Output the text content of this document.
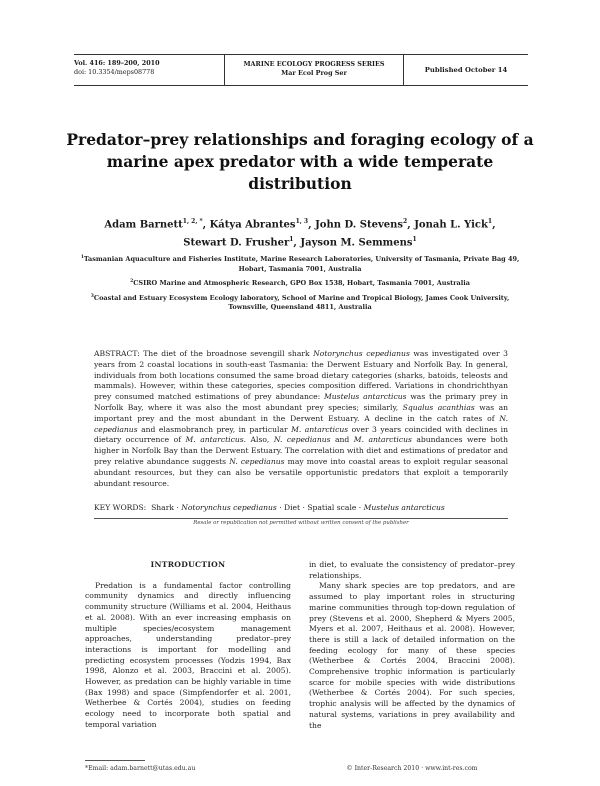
Vol. 416: 189–200, 2010
doi: 10.3354/meps08778
MARINE ECOLOGY PROGRESS SERIES
Mar Ecol Prog Ser	Published October 14
Predator–prey relationships and foraging ecology of a marine apex predator with a wide temperate distribution
Adam Barnett$^{1, 2, *}$, Kátya Abrantes$^{1, 3}$, John D. Stevens$^2$, Jonah L. Yick$^1$,
Stewart D. Frusher$^1$, Jayson M. Semmens$^1$

$^1$Tasmanian Aquaculture and Fisheries Institute, Marine Research Laboratories, University of Tasmania, Private Bag 49, Hobart, Tasmania 7001, Australia

$^2$CSIRO Marine and Atmospheric Research, GPO Box 1538, Hobart, Tasmania 7001, Australia

$^3$Coastal and Estuary Ecosystem Ecology laboratory, School of Marine and Tropical Biology, James Cook University, Townsville, Queensland 4811, Australia

ABSTRACT: The diet of the broadnose sevengill shark Notorynchus cepedianus was investigated over 3 years from 2 coastal locations in south-east Tasmania: the Derwent Estuary and Norfolk Bay. In general, individuals from both locations consumed the same broad dietary categories (sharks, batoids, teleosts and mammals). However, within these categories, species composition differed. Variations in chondrichthyan prey consumed matched estimations of prey abundance: Mustelus antarcticus was the primary prey in Norfolk Bay, where it was also the most abundant prey species; similarly, Squalus acanthias was an important prey and the most abundant in the Derwent Estuary. A decline in the catch rates of N. cepedianus and elasmobranch prey, in particular M. antarcticus over 3 years coincided with declines in dietary occurrence of M. antarcticus. Also, N. cepedianus and M. antarcticus abundances were both higher in Norfolk Bay than the Derwent Estuary. The correlation with diet and estimations of predator and prey relative abundance suggests N. cepedianus may move into coastal areas to exploit regular seasonal abundant resources, but they can also be versatile opportunistic predators that exploit a temporarily abundant resource.
KEY WORDS: Shark · Notorynchus cepedianus · Diet · Spatial scale · Mustelus antarcticus
Resale or republication not permitted without written consent of the publisher

INTRODUCTION

Predation is a fundamental factor controlling community dynamics and directly influencing community structure (Williams et al. 2004, Heithaus et al. 2008). With an ever increasing emphasis on multiple species/ecosystem management approaches, understanding predator–prey interactions is important for modelling and predicting ecosystem processes (Yodzis 1994, Bax 1998, Alonzo et al. 2003, Braccini et al. 2005). However, as predation can be highly variable in time (Bax 1998) and space (Simpfendorfer et al. 2001, Wetherbee & Cortés 2004), studies on feeding ecology need to incorporate both spatial and temporal variation

in diet, to evaluate the consistency of predator–prey relationships.

Many shark species are top predators, and are assumed to play important roles in structuring marine communities through top-down regulation of prey (Stevens et al. 2000, Shepherd & Myers 2005, Myers et al. 2007, Heithaus et al. 2008). However, there is still a lack of detailed information on the feeding ecology for many of these species (Wetherbee & Cortés 2004, Braccini 2008). Comprehensive trophic information is particularly scarce for mobile species with wide distributions (Wetherbee & Cortés 2004). For such species, trophic analysis will be affected by the dynamics of natural systems, variations in prey availability and the

*Email: adam.barnett@utas.edu.au	© Inter-Research 2010 · www.int-res.com
